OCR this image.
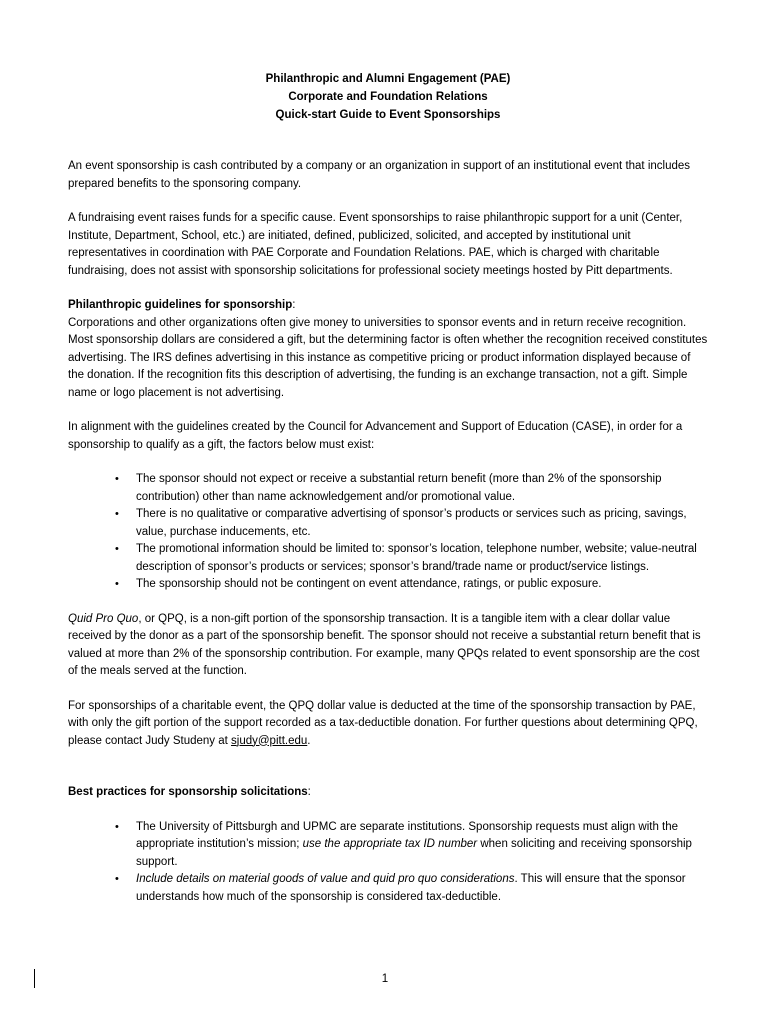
Philanthropic and Alumni Engagement (PAE)
Corporate and Foundation Relations
Quick-start Guide to Event Sponsorships

An event sponsorship is cash contributed by a company or an organization in support of an institutional event that includes prepared benefits to the sponsoring company.

A fundraising event raises funds for a specific cause. Event sponsorships to raise philanthropic support for a unit (Center, Institute, Department, School, etc.) are initiated, defined, publicized, solicited, and accepted by institutional unit representatives in coordination with PAE Corporate and Foundation Relations. PAE, which is charged with charitable fundraising, does not assist with sponsorship solicitations for professional society meetings hosted by Pitt departments.

Philanthropic guidelines for sponsorship:

Corporations and other organizations often give money to universities to sponsor events and in return receive recognition. Most sponsorship dollars are considered a gift, but the determining factor is often whether the recognition received constitutes advertising. The IRS defines advertising in this instance as competitive pricing or product information displayed because of the donation. If the recognition fits this description of advertising, the funding is an exchange transaction, not a gift. Simple name or logo placement is not advertising.

In alignment with the guidelines created by the Council for Advancement and Support of Education (CASE), in order for a sponsorship to qualify as a gift, the factors below must exist:

• The sponsor should not expect or receive a substantial return benefit (more than 2% of the sponsorship contribution) other than name acknowledgement and/or promotional value.
• There is no qualitative or comparative advertising of sponsor’s products or services such as pricing, savings, value, purchase inducements, etc.
• The promotional information should be limited to: sponsor’s location, telephone number, website; value-neutral description of sponsor’s products or services; sponsor’s brand/trade name or product/service listings.
• The sponsorship should not be contingent on event attendance, ratings, or public exposure.

Quid Pro Quo, or QPQ, is a non-gift portion of the sponsorship transaction. It is a tangible item with a clear dollar value received by the donor as a part of the sponsorship benefit. The sponsor should not receive a substantial return benefit that is valued at more than 2% of the sponsorship contribution. For example, many QPQs related to event sponsorship are the cost of the meals served at the function.

For sponsorships of a charitable event, the QPQ dollar value is deducted at the time of the sponsorship transaction by PAE, with only the gift portion of the support recorded as a tax-deductible donation. For further questions about determining QPQ, please contact Judy Studeny at sjudy@pitt.edu.

Best practices for sponsorship solicitations:

• The University of Pittsburgh and UPMC are separate institutions. Sponsorship requests must align with the appropriate institution’s mission; use the appropriate tax ID number when soliciting and receiving sponsorship support.
• Include details on material goods of value and quid pro quo considerations. This will ensure that the sponsor understands how much of the sponsorship is considered tax-deductible.
1
